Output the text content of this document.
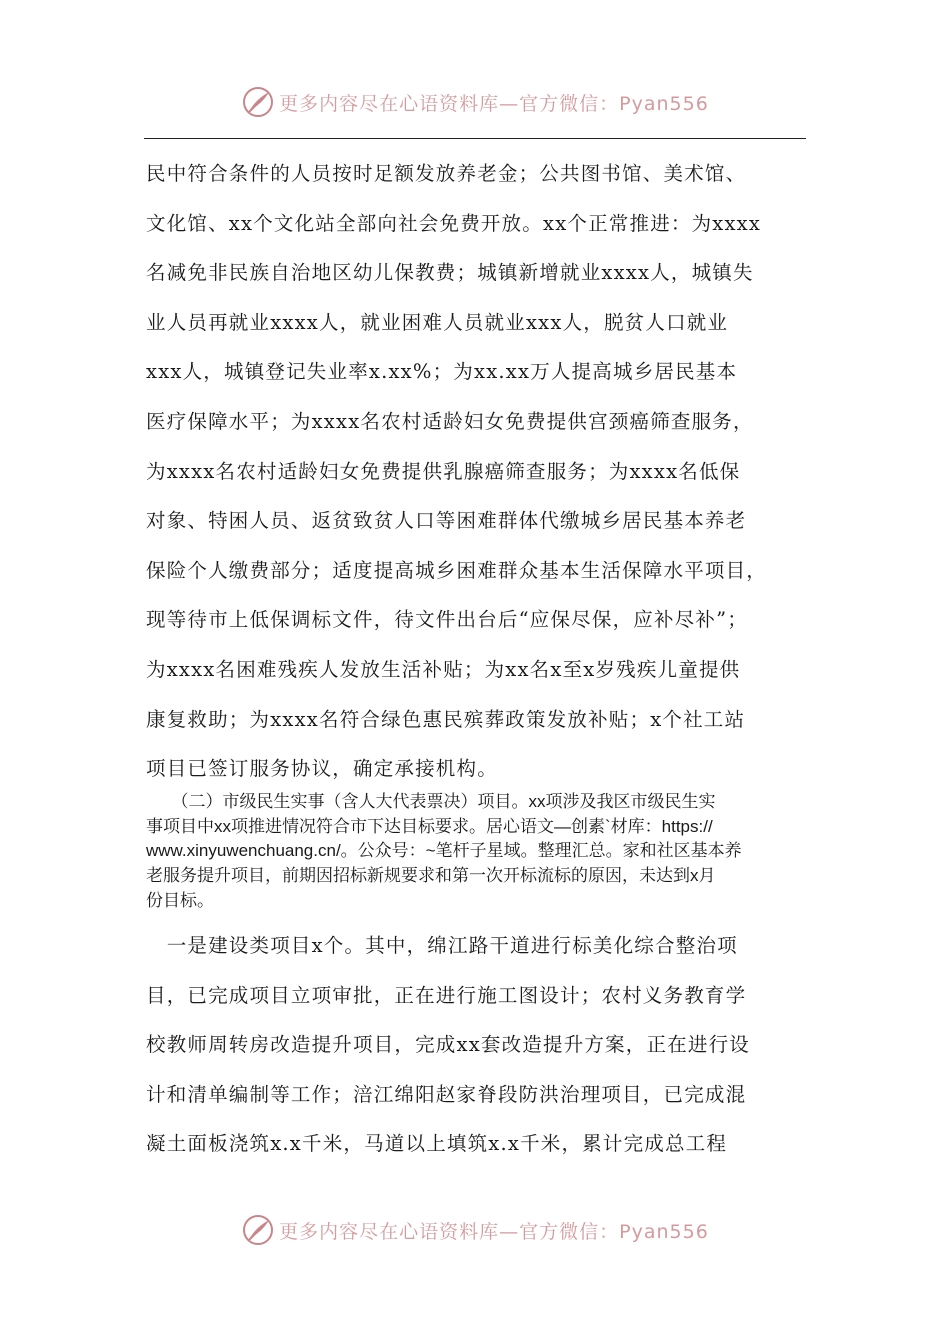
更多内容尽在心语资料库—官方微信：Pyan556
民中符合条件的人员按时足额发放养老金；公共图书馆、美术馆、
文化馆、xx个文化站全部向社会免费开放。xx个正常推进：为xxxx
名减免非民族自治地区幼儿保教费；城镇新增就业xxxx人，城镇失
业人员再就业xxxx人，就业困难人员就业xxx人，脱贫人口就业
xxx人，城镇登记失业率x.xx%；为xx.xx万人提高城乡居民基本
医疗保障水平；为xxxx名农村适龄妇女免费提供宫颈癌筛查服务，
为xxxx名农村适龄妇女免费提供乳腺癌筛查服务；为xxxx名低保
对象、特困人员、返贫致贫人口等困难群体代缴城乡居民基本养老
保险个人缴费部分；适度提高城乡困难群众基本生活保障水平项目，
现等待市上低保调标文件，待文件出台后“应保尽保，应补尽补”；
为xxxx名困难残疾人发放生活补贴；为xx名x至x岁残疾儿童提供
康复救助；为xxxx名符合绿色惠民殡葬政策发放补贴；x个社工站
项目已签订服务协议，确定承接机构。
　　（二）市级民生实事（含人大代表票决）项目。xx项涉及我区市级民生实
事项目中xx项推进情况符合市下达目标要求。居心语文—创素`材库：https://
www.xinyuwenchuang.cn/。公众号：~笔杆子星域。整理汇总。家和社区基本养
老服务提升项目，前期因招标新规要求和第一次开标流标的原因，未达到x月
份目标。
　一是建设类项目x个。其中，绵江路干道进行标美化综合整治项
目，已完成项目立项审批，正在进行施工图设计；农村义务教育学
校教师周转房改造提升项目，完成xx套改造提升方案，正在进行设
计和清单编制等工作；涪江绵阳赵家脊段防洪治理项目，已完成混
凝土面板浇筑x.x千米，马道以上填筑x.x千米，累计完成总工程
更多内容尽在心语资料库—官方微信：Pyan556
